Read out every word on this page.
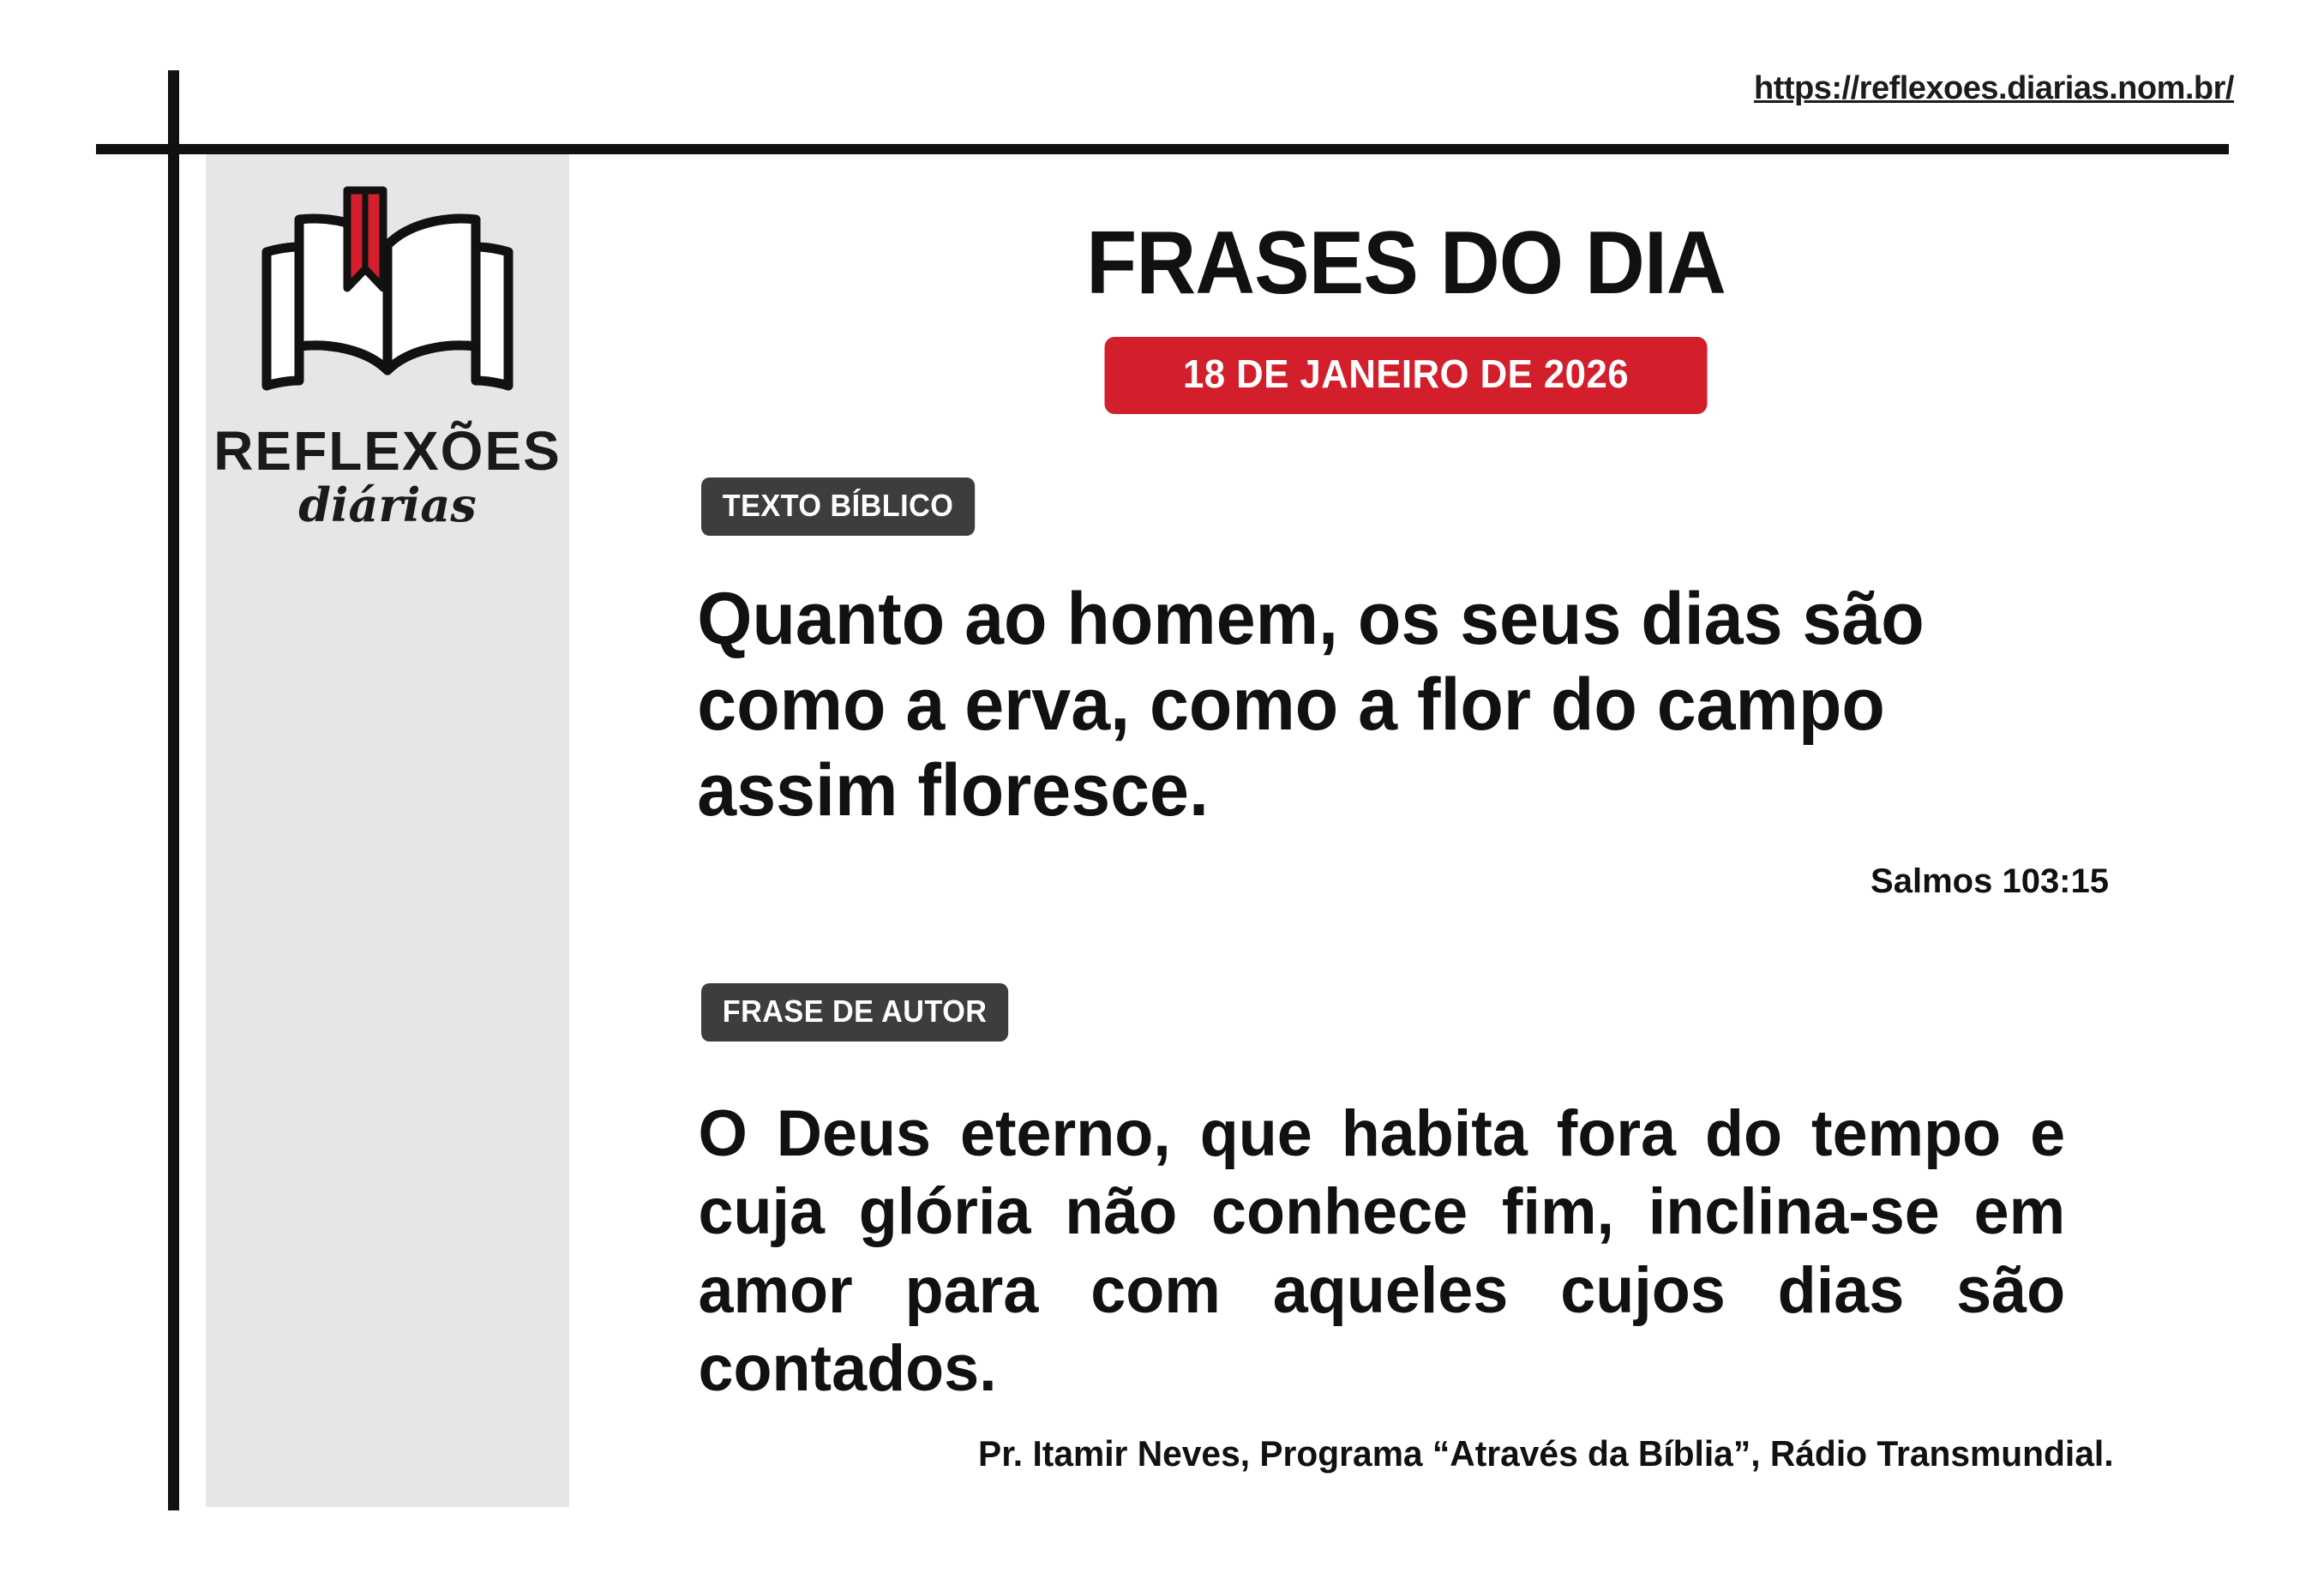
https://reflexoes.diarias.nom.br/
REFLEXÕES
diárias
FRASES DO DIA
18 DE JANEIRO DE 2026
TEXTO BÍBLICO
Quanto ao homem, os seus dias são como a erva, como a flor do campo assim floresce.
Salmos 103:15
FRASE DE AUTOR
O Deus eterno, que habita fora do tempo e cuja glória não conhece fim, inclina-se em amor para com aqueles cujos dias são contados.
Pr. Itamir Neves, Programa “Através da Bíblia”, Rádio Transmundial.
